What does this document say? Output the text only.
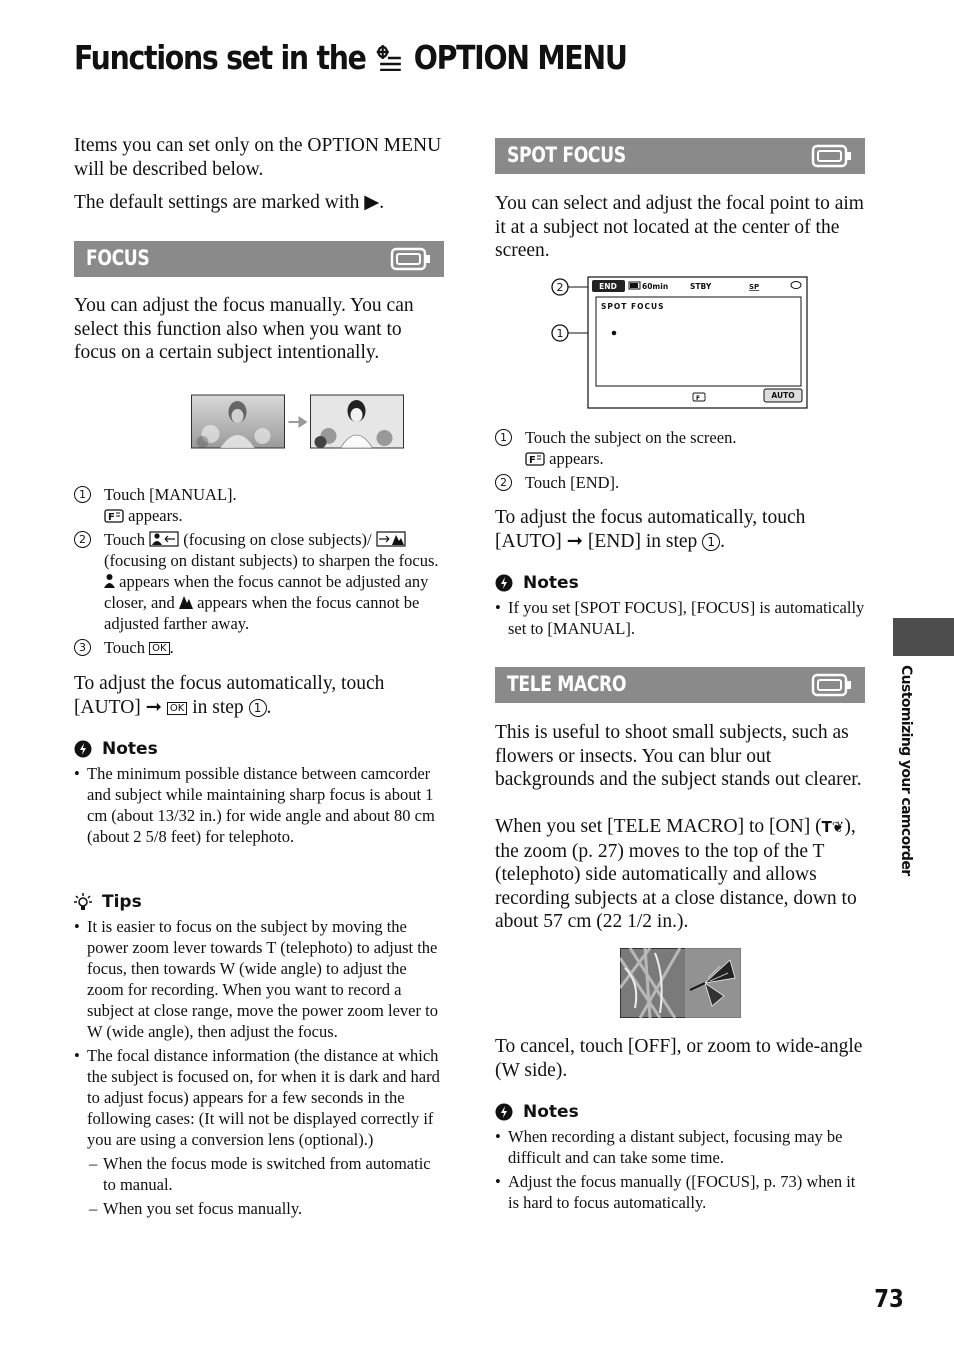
Functions set in the OPTION MENU

Items you can set only on the OPTION MENU will be described below.

The default settings are marked with ▶.

FOCUS

You can adjust the focus manually. You can select this function also when you want to focus on a certain subject intentionally.

1	Touch [MANUAL].
F appears.
2	Touch (focusing on close subjects)/  (focusing on distant subjects) to sharpen the focus.  appears when the focus cannot be adjusted any closer, and appears when the focus cannot be adjusted farther away.
3	Touch OK .

To adjust the focus automatically, touch [AUTO] ➞ OK in step 1 .

Notes
• The minimum possible distance between camcorder and subject while maintaining sharp focus is about 1 cm (about 13/32 in.) for wide angle and about 80 cm (about 2 5/8 feet) for telephoto.
Tips
• It is easier to focus on the subject by moving the power zoom lever towards T (telephoto) to adjust the focus, then towards W (wide angle) to adjust the zoom for recording. When you want to record a subject at close range, move the power zoom lever to W (wide angle), then adjust the focus.
• The focal distance information (the distance at which the subject is focused on, for when it is dark and hard to adjust focus) appears for a few seconds in the following cases: (It will not be displayed correctly if you are using a conversion lens (optional).)
– When the focus mode is switched from automatic to manual.
– When you set focus manually.
SPOT FOCUS

You can select and adjust the focal point to aim it at a subject not located at the center of the screen.

2
1
END	60min	STBY	SP
SPOT FOCUS
F	AUTO
1	Touch the subject on the screen.
F appears.
2	Touch [END].

To adjust the focus automatically, touch [AUTO] ➞ [END] in step 1 .

Notes
• If you set [SPOT FOCUS], [FOCUS] is automatically set to [MANUAL].
TELE MACRO

This is useful to shoot small subjects, such as flowers or insects. You can blur out backgrounds and the subject stands out clearer.

When you set [TELE MACRO] to [ON] (T❦), the zoom (p. 27) moves to the top of the T (telephoto) side automatically and allows recording subjects at a close distance, down to about 57 cm (22 1/2 in.).

To cancel, touch [OFF], or zoom to wide-angle (W side).

Notes
• When recording a distant subject, focusing may be difficult and can take some time.
• Adjust the focus manually ([FOCUS], p. 73) when it is hard to focus automatically.
Customizing your camcorder
73
